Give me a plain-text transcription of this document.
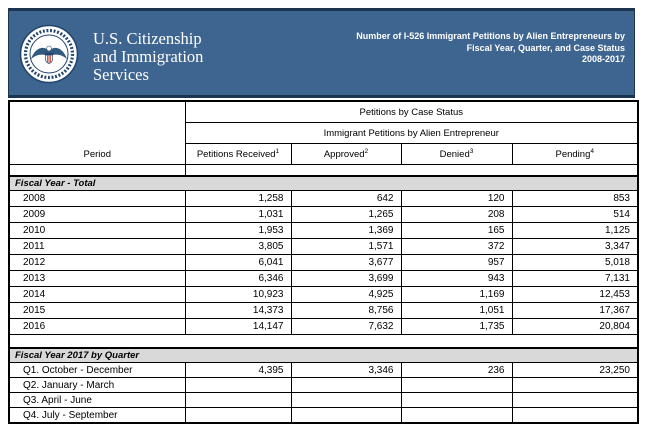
U.S. Citizenship
and Immigration
Services
Number of I-526 Immigrant Petitions by Alien Entrepreneurs by
Fiscal Year, Quarter, and Case Status
2008-2017
Period	Petitions by Case Status			
	Immigrant Petitions by Alien Entrepreneur			
	Petitions Received$^1$	Approved$^2$	Denied$^3$	Pending$^4$

Fiscal Year - Total				
2008	1,258	642	120	853
2009	1,031	1,265	208	514
2010	1,953	1,369	165	1,125
2011	3,805	1,571	372	3,347
2012	6,041	3,677	957	5,018
2013	6,346	3,699	943	7,131
2014	10,923	4,925	1,169	12,453
2015	14,373	8,756	1,051	17,367
2016	14,147	7,632	1,735	20,804

Fiscal Year 2017 by Quarter				
Q1. October - December	4,395	3,346	236	23,250
Q2. January - March				
Q3. April - June				
Q4. July - September				
